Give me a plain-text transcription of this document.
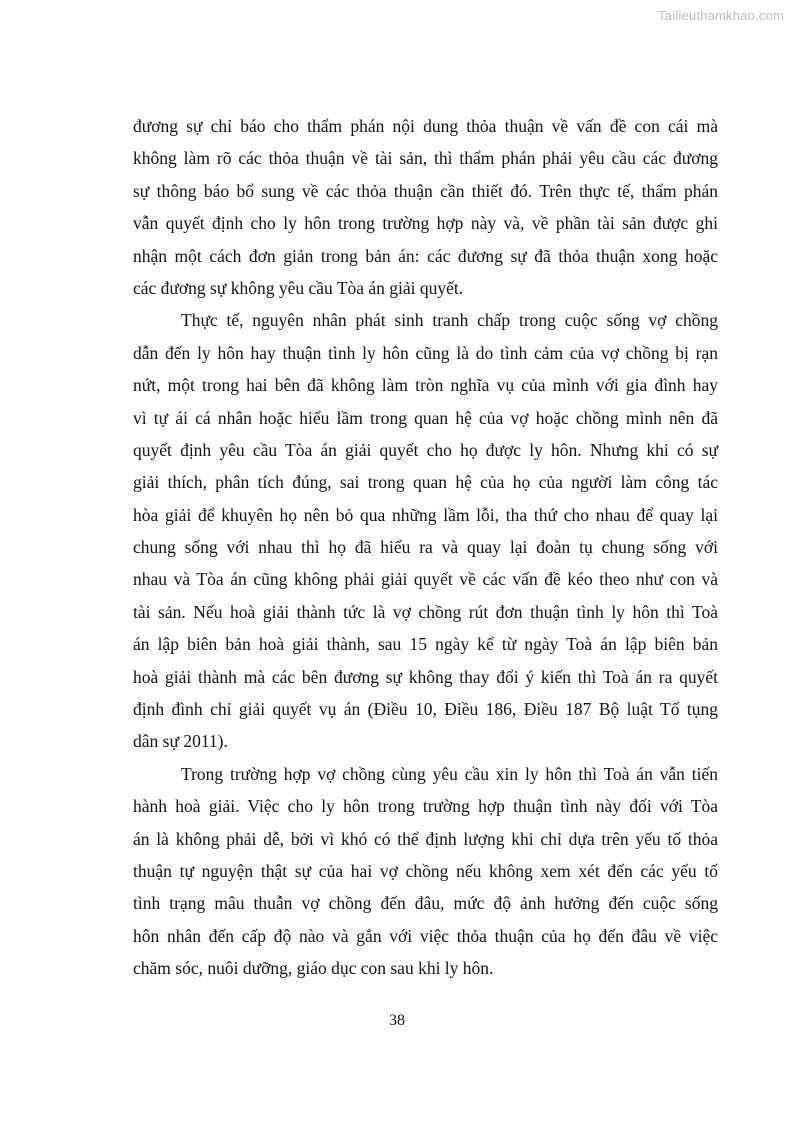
Tailieuthamkhao.com

đương sự chỉ báo cho thẩm phán nội dung thỏa thuận về vấn đề con cái mà
không làm rõ các thỏa thuận về tài sản, thì thẩm phán phải yêu cầu các đương
sự thông báo bổ sung về các thỏa thuận cần thiết đó. Trên thực tế, thẩm phán
vẫn quyết định cho ly hôn trong trường hợp này và, về phần tài sản được ghi
nhận một cách đơn giản trong bản án: các đương sự đã thỏa thuận xong hoặc
các đương sự không yêu cầu Tòa án giải quyết.

Thực tế, nguyên nhân phát sinh tranh chấp trong cuộc sống vợ chồng
dẫn đến ly hôn hay thuận tình ly hôn cũng là do tình cảm của vợ chồng bị rạn
nứt, một trong hai bên đã không làm tròn nghĩa vụ của mình với gia đình hay
vì tự ái cá nhân hoặc hiểu lầm trong quan hệ của vợ hoặc chồng mình nên đã
quyết định yêu cầu Tòa án giải quyết cho họ được ly hôn. Nhưng khi có sự
giải thích, phân tích đúng, sai trong quan hệ của họ của người làm công tác
hòa giải để khuyên họ nên bỏ qua những lầm lỗi, tha thứ cho nhau để quay lại
chung sống với nhau thì họ đã hiểu ra và quay lại đoàn tụ chung sống với
nhau và Tòa án cũng không phải giải quyết về các vấn đề kéo theo như con và
tài sản. Nếu hoà giải thành tức là vợ chồng rút đơn thuận tình ly hôn thì Toà
án lập biên bản hoà giải thành, sau 15 ngày kể từ ngày Toà án lập biên bản
hoà giải thành mà các bên đương sự không thay đổi ý kiến thì Toà án ra quyết
định đình chỉ giải quyết vụ án (Điều 10, Điều 186, Điều 187 Bộ luật Tố tụng
dân sự 2011).

Trong trường hợp vợ chồng cùng yêu cầu xin ly hôn thì Toà án vẫn tiến
hành hoà giải. Việc cho ly hôn trong trường hợp thuận tình này đối với Tòa
án là không phải dễ, bởi vì khó có thể định lượng khi chỉ dựa trên yếu tố thỏa
thuận tự nguyện thật sự của hai vợ chồng nếu không xem xét đến các yếu tố
tình trạng mâu thuẫn vợ chồng đến đâu, mức độ ảnh hưởng đến cuộc sống
hôn nhân đến cấp độ nào và gắn với việc thỏa thuận của họ đến đâu về việc
chăm sóc, nuôi dưỡng, giáo dục con sau khi ly hôn.

38
